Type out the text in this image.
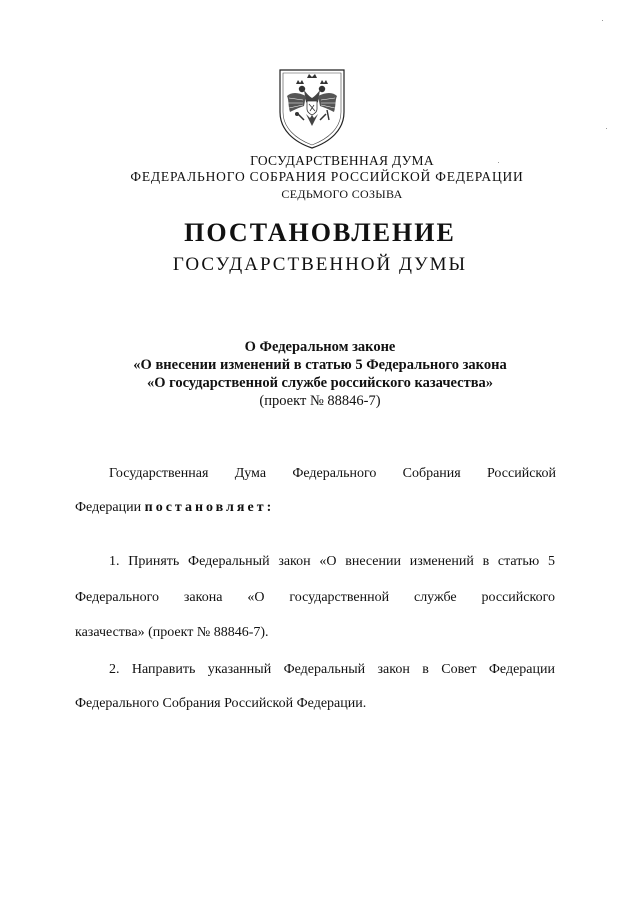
ГОСУДАРСТВЕННАЯ ДУМА
ФЕДЕРАЛЬНОГО СОБРАНИЯ РОССИЙСКОЙ ФЕДЕРАЦИИ
СЕДЬМОГО СОЗЫВА
ПОСТАНОВЛЕНИЕ
ГОСУДАРСТВЕННОЙ ДУМЫ
О Федеральном законе
«О внесении изменений в статью 5 Федерального закона
«О государственной службе российского казачества»
(проект № 88846-7)
Государственная Дума Федерального Собрания Российской
Федерации постановляет:
1. Принять Федеральный закон «О внесении изменений в статью 5
Федерального закона «О государственной службе российского
казачества» (проект № 88846-7).
2. Направить указанный Федеральный закон в Совет Федерации
Федерального Собрания Российской Федерации.
